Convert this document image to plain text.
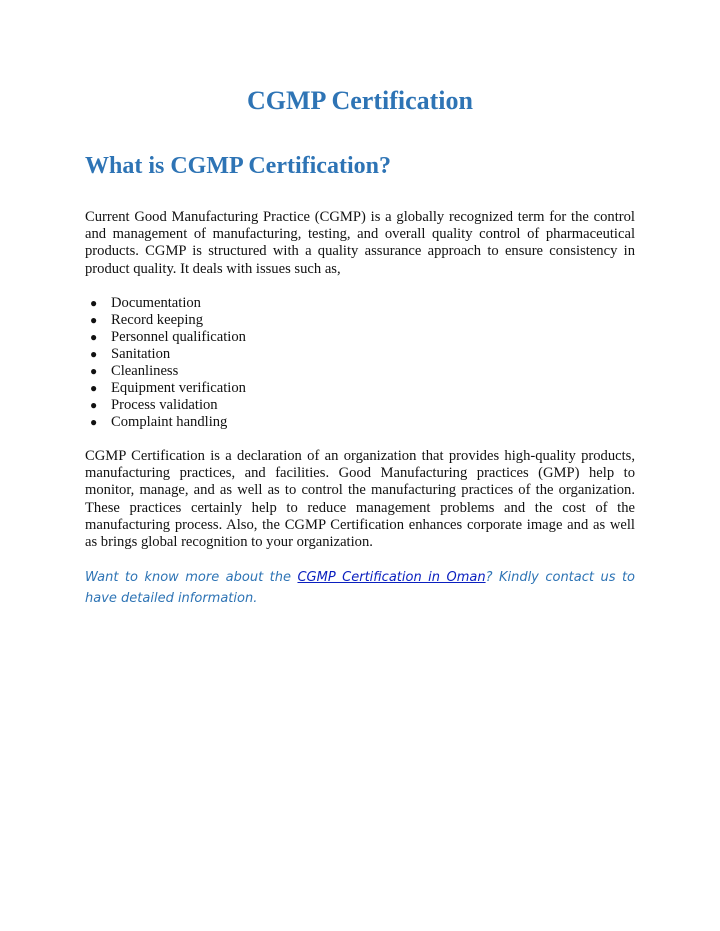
CGMP Certification
What is CGMP Certification?

Current Good Manufacturing Practice (CGMP) is a globally recognized term for the control and management of manufacturing, testing, and overall quality control of pharmaceutical products. CGMP is structured with a quality assurance approach to ensure consistency in product quality. It deals with issues such as,

● Documentation
● Record keeping
● Personnel qualification
● Sanitation
● Cleanliness
● Equipment verification
● Process validation
● Complaint handling

CGMP Certification is a declaration of an organization that provides high-quality products, manufacturing practices, and facilities. Good Manufacturing practices (GMP) help to monitor, manage, and as well as to control the manufacturing practices of the organization. These practices certainly help to reduce management problems and the cost of the manufacturing process. Also, the CGMP Certification enhances corporate image and as well as brings global recognition to your organization.

Want to know more about the CGMP Certification in Oman? Kindly contact us to have detailed information.
